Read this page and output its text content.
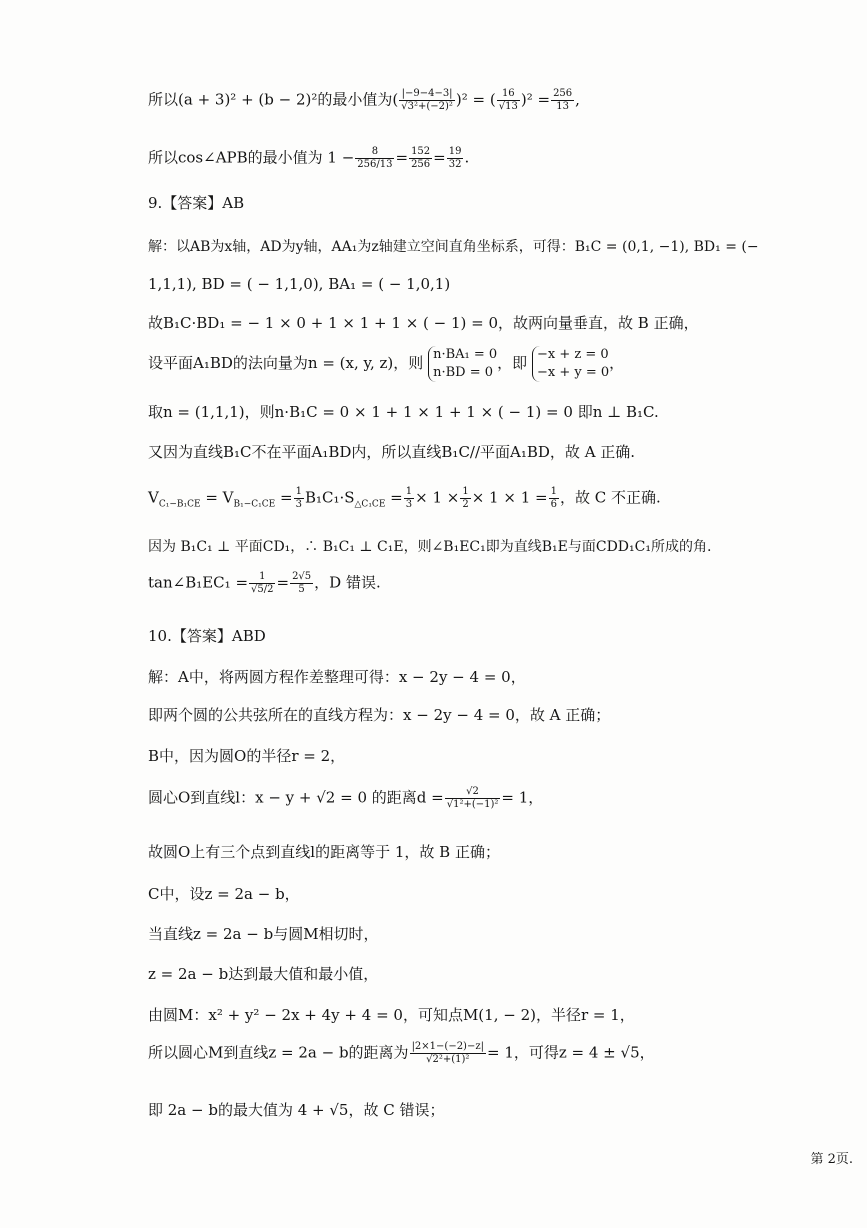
所以(a + 3)² + (b − 2)²的最小值为( $\frac{|-9-4-3|}{\text{√3²+(−2)²}} )^2$ = ( $\frac{16}{√13} )^2 = \frac{256}{13}$ ,
所以cos∠APB的最小值为 $1 - \frac{8}{256/13} = \frac{152}{256} = \frac{19}{32}$ .
9.【答案】AB
解：以AB为x轴，AD为y轴，AA₁为z轴建立空间直角坐标系，可得：B₁C = (0,1, −1), BD₁ = (−
1,1,1), BD = ( − 1,1,0), BA₁ = ( − 1,0,1)
故B₁C·BD₁ = − 1 × 0 + 1 × 1 + 1 × ( − 1) = 0，故两向量垂直，故 B 正确，
设平面A₁BD的法向量为n = (x, y, z)，则 n·BA₁ = 0
n·BD = 0
，即 −x + z = 0
−x + y = 0
，
取n = (1,1,1)，则n·B₁C = 0 × 1 + 1 × 1 + 1 × ( − 1) = 0 即n ⊥ B₁C.
又因为直线B₁C不在平面A₁BD内，所以直线B₁C//平面A₁BD，故 A 正确.
$V_{C_1-B_1CE} = V_{B_1-C_1CE} = \frac{1}{3} B_1C_1\cdot S_{\triangle C_1CE} = \frac{1}{3} \times 1 \times \frac{1}{2} \times 1 \times 1 = \frac{1}{6}$ ，故 C 不正确.
因为 B₁C₁ ⊥ 平面CD₁，∴ B₁C₁ ⊥ C₁E，则∠B₁EC₁即为直线B₁E与面CDD₁C₁所成的角.
tan∠B₁EC₁ = $\frac{1}{√5/2} = \frac{2√5}{5}$ ，D 错误.
10.【答案】ABD
解：A中，将两圆方程作差整理可得：x − 2y − 4 = 0，
即两个圆的公共弦所在的直线方程为：x − 2y − 4 = 0，故 A 正确；
B中，因为圆O的半径r = 2，
圆心O到直线l：x − y + √2 = 0 的距离$d = \frac{√2}{\text{√1²+(−1)²}} = 1$，
故圆O上有三个点到直线l的距离等于 1，故 B 正确；
C中，设z = 2a − b，
当直线z = 2a − b与圆M相切时，
z = 2a − b达到最大值和最小值，
由圆M：x² + y² − 2x + 4y + 4 = 0，可知点M(1, − 2)，半径r = 1，
所以圆心M到直线z = 2a − b的距离为 $\frac{|2\times 1-(-2)-z|}{\text{√2²+(1)²}} = 1$，可得z = 4 ± √5，
即 2a − b的最大值为 4 + √5，故 C 错误；
第 2页.
